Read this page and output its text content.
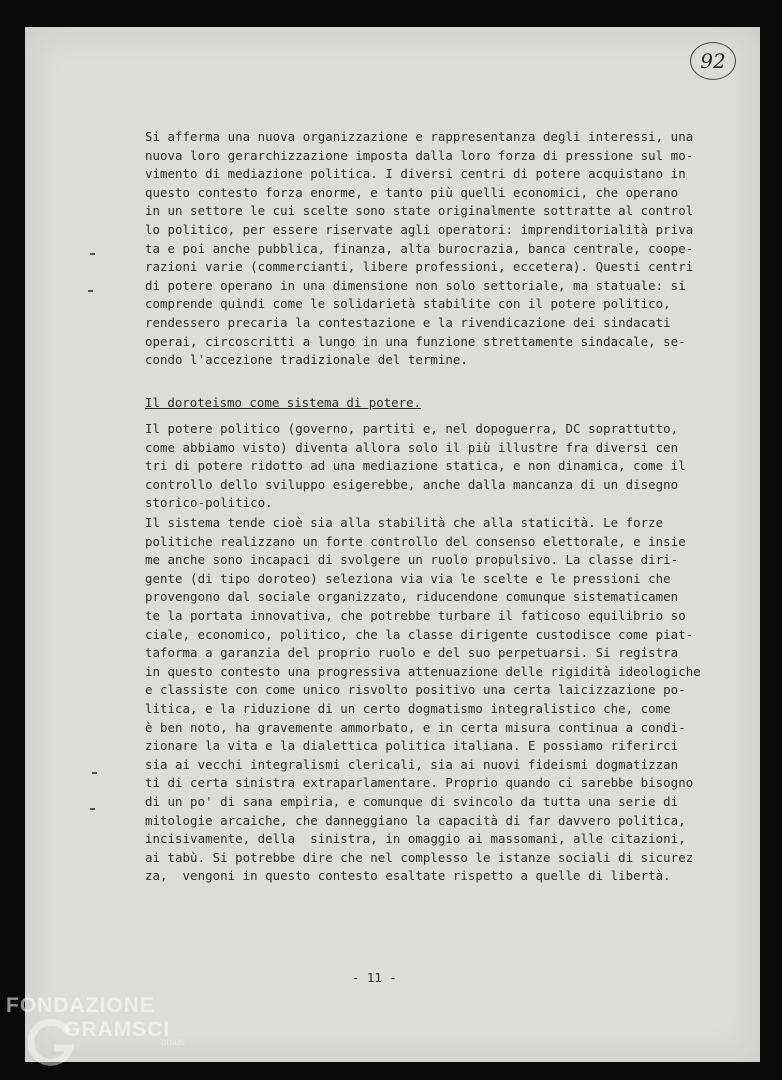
92
Si afferma una nuova organizzazione e rappresentanza degli interessi, una
nuova loro gerarchizzazione imposta dalla loro forza di pressione sul mo-
vimento di mediazione politica. I diversi centri di potere acquistano in
questo contesto forza enorme, e tanto più quelli economici, che operano
in un settore le cui scelte sono state originalmente sottratte al control
lo politico, per essere riservate agli operatori: imprenditorialità priva
ta e poi anche pubblica, finanza, alta burocrazia, banca centrale, coope-
razioni varie (commercianti, libere professioni, eccetera). Questi centri
di potere operano in una dimensione non solo settoriale, ma statuale: si
comprende quindi come le solidarietà stabilite con il potere politico,
rendessero precaria la contestazione e la rivendicazione dei sindacati
operai, circoscritti a lungo in una funzione strettamente sindacale, se-
condo l'accezione tradizionale del termine.
Il doroteismo come sistema di potere.
Il potere politico (governo, partiti e, nel dopoguerra, DC soprattutto,
come abbiamo visto) diventa allora solo il più illustre fra diversi cen
tri di potere ridotto ad una mediazione statica, e non dinamica, come il
controllo dello sviluppo esigerebbe, anche dalla mancanza di un disegno
storico-politico.
Il sistema tende cioè sia alla stabilità che alla staticità. Le forze
politiche realizzano un forte controllo del consenso elettorale, e insie
me anche sono incapaci di svolgere un ruolo propulsivo. La classe diri-
gente (di tipo doroteo) seleziona via via le scelte e le pressioni che
provengono dal sociale organizzato, riducendone comunque sistematicamen
te la portata innovativa, che potrebbe turbare il faticoso equilibrio so
ciale, economico, politico, che la classe dirigente custodisce come piat-
taforma a garanzia del proprio ruolo e del suo perpetuarsi. Si registra
in questo contesto una progressiva attenuazione delle rigidità ideologiche
e classiste con come unico risvolto positivo una certa laicizzazione po-
litica, e la riduzione di un certo dogmatismo integralistico che, come
è ben noto, ha gravemente ammorbato, e in certa misura continua a condi-
zionare la vita e la dialettica politica italiana. E possiamo riferirci
sia ai vecchi integralismi clericali, sia ai nuovi fideismi dogmatizzan
ti di certa sinistra extraparlamentare. Proprio quando ci sarebbe bisogno
di un po' di sana empiria, e comunque di svincolo da tutta una serie di
mitologie arcaiche, che danneggiano la capacità di far davvero politica,
incisivamente, della  sinistra, in omaggio ai massomani, alle citazioni,
ai tabù. Si potrebbe dire che nel complesso le istanze sociali di sicurez
za,  vengoni in questo contesto esaltate rispetto a quelle di libertà.
- 11 -
FONDAZIONE
GRAMSCI
onlus
